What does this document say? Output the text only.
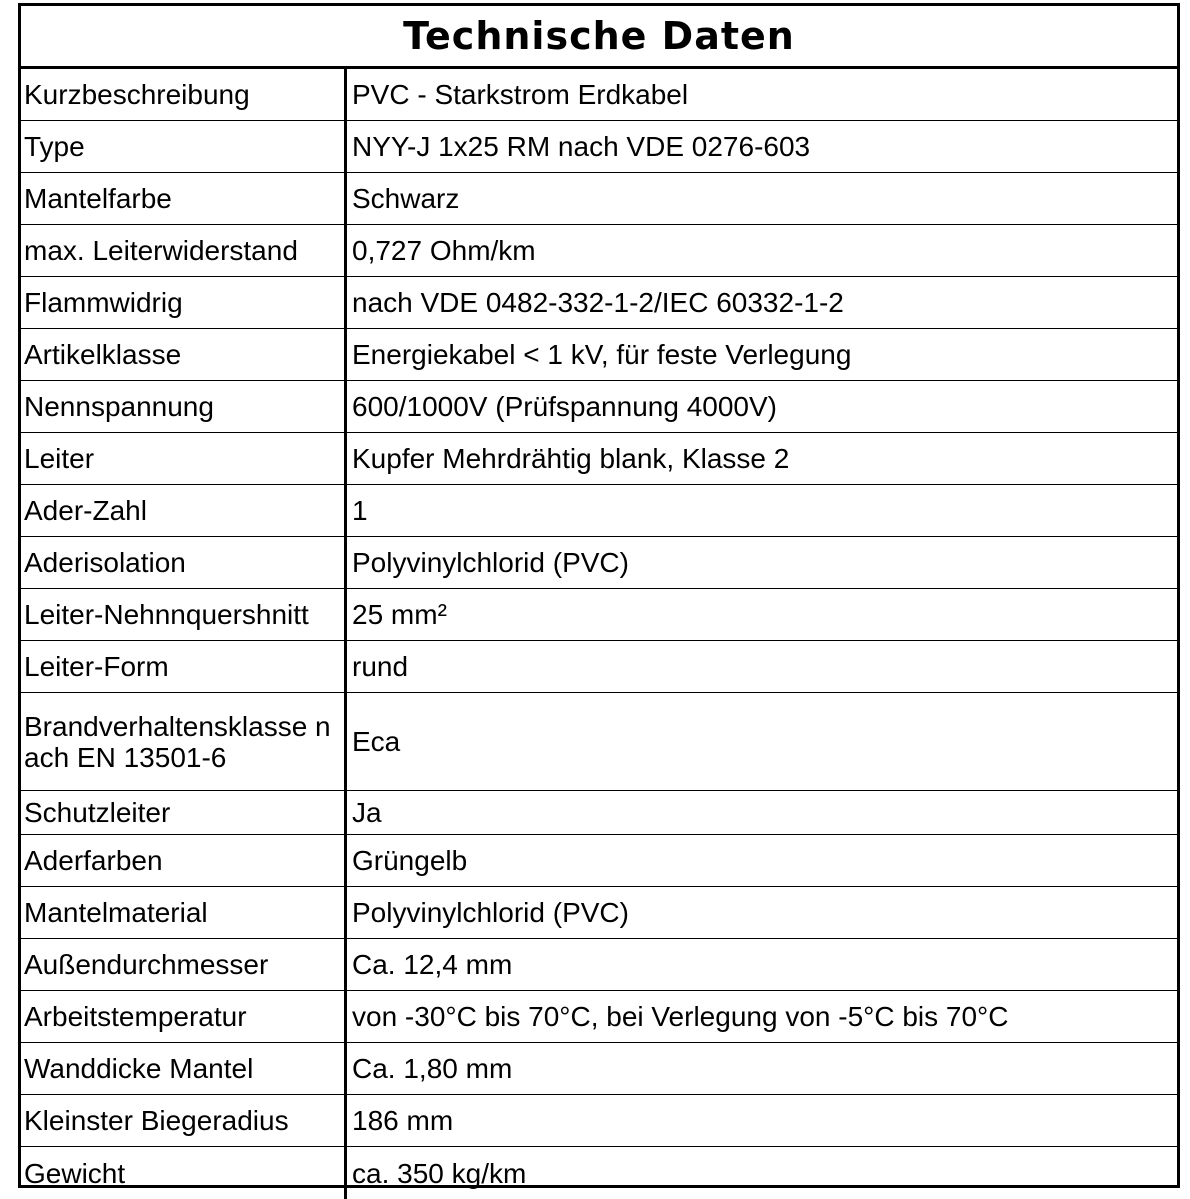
Technische Daten
Kurzbeschreibung	PVC - Starkstrom Erdkabel
Type	NYY-J 1x25 RM nach VDE 0276-603
Mantelfarbe	Schwarz
max. Leiterwiderstand	0,727 Ohm/km
Flammwidrig	nach VDE 0482-332-1-2/IEC 60332-1-2
Artikelklasse	Energiekabel < 1 kV, für feste Verlegung
Nennspannung	600/1000V (Prüfspannung 4000V)
Leiter	Kupfer Mehrdrähtig blank, Klasse 2
Ader-Zahl	1
Aderisolation	Polyvinylchlorid (PVC)
Leiter-Nehnnquershnitt	25 mm²
Leiter-Form	rund
Brandverhaltensklasse nach EN 13501-6	Eca
Schutzleiter	Ja
Aderfarben	Grüngelb
Mantelmaterial	Polyvinylchlorid (PVC)
Außendurchmesser	Ca. 12,4 mm
Arbeitstemperatur	von -30°C bis 70°C, bei Verlegung von -5°C bis 70°C
Wanddicke Mantel	Ca. 1,80 mm
Kleinster Biegeradius	186 mm
Gewicht	ca. 350 kg/km
